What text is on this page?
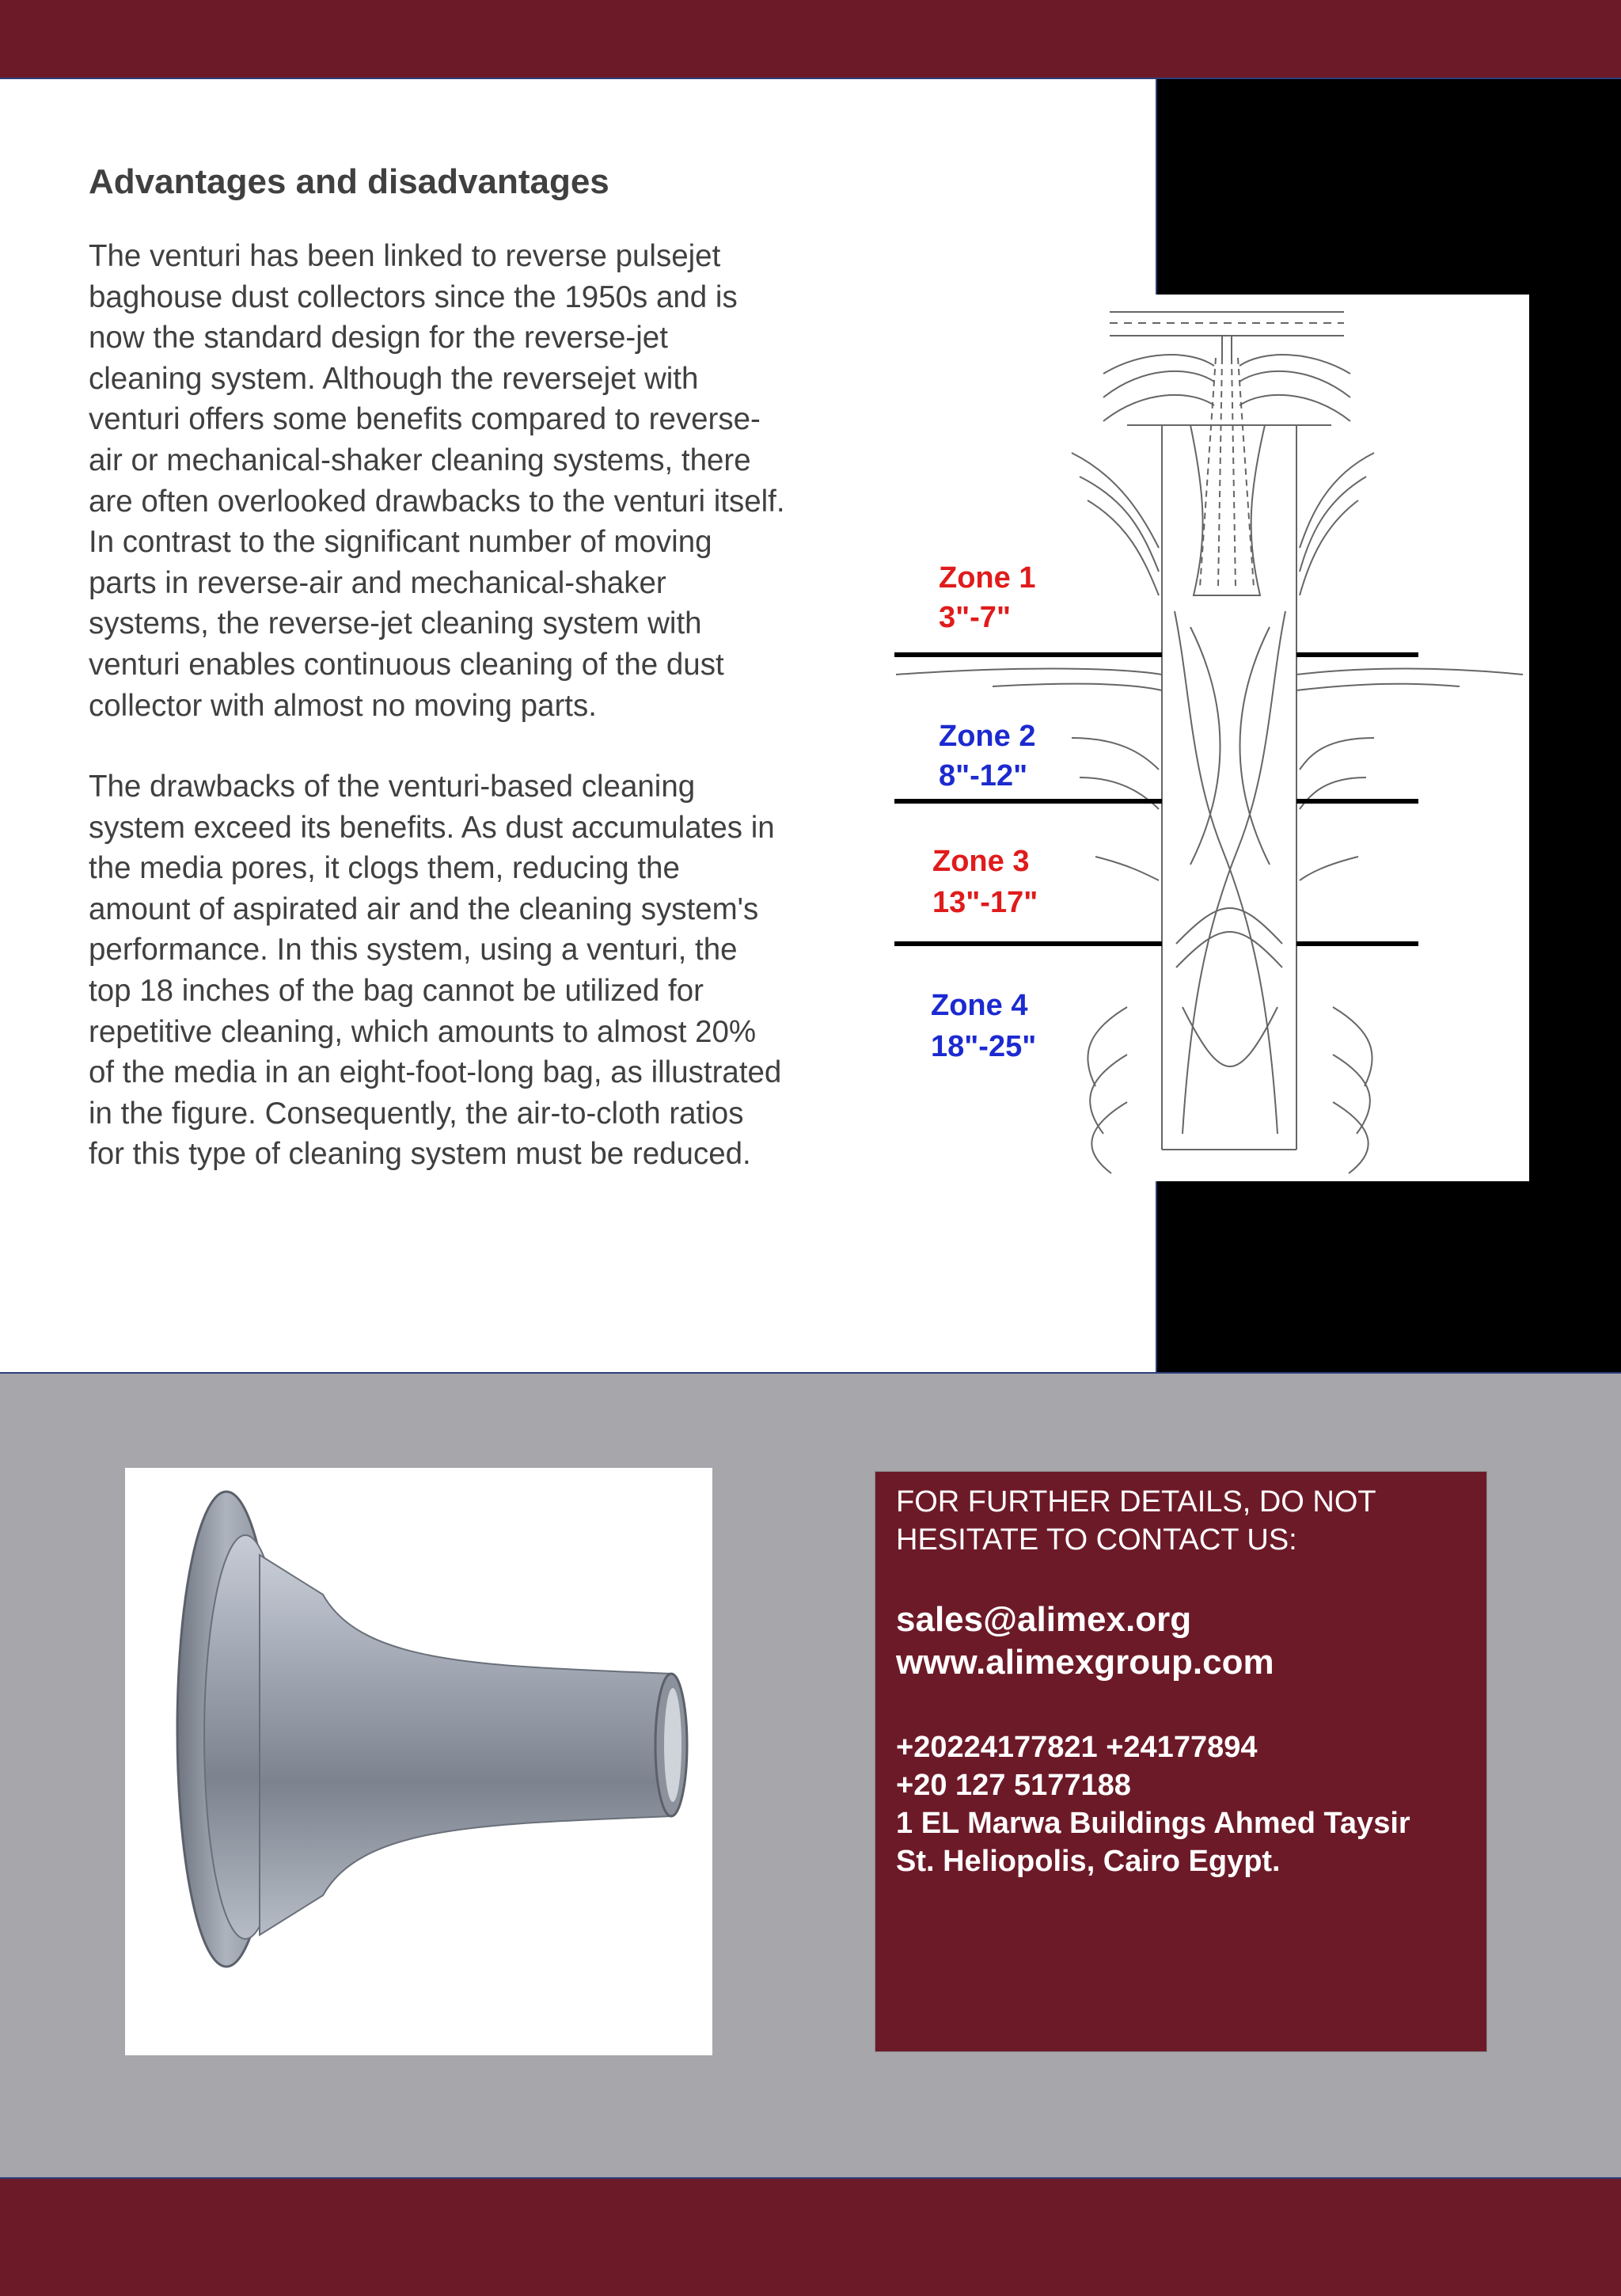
Advantages and disadvantages
The venturi has been linked to reverse pulsejet
baghouse dust collectors since the 1950s and is
now the standard design for the reverse-jet
cleaning system. Although the reversejet with
venturi offers some benefits compared to reverse-
air or mechanical-shaker cleaning systems, there
are often overlooked drawbacks to the venturi itself.
In contrast to the significant number of moving
parts in reverse-air and mechanical-shaker
systems, the reverse-jet cleaning system with
venturi enables continuous cleaning of the dust
collector with almost no moving parts.
The drawbacks of the venturi-based cleaning
system exceed its benefits. As dust accumulates in
the media pores, it clogs them, reducing the
amount of aspirated air and the cleaning system's
performance. In this system, using a venturi, the
top 18 inches of the bag cannot be utilized for
repetitive cleaning, which amounts to almost 20%
of the media in an eight-foot-long bag, as illustrated
in the figure. Consequently, the air-to-cloth ratios
for this type of cleaning system must be reduced.
Zone 1
3"-7"
Zone 2
8"-12"
Zone 3
13"-17"
Zone 4
18"-25"

FOR FURTHER DETAILS, DO NOT HESITATE TO CONTACT US:

sales@alimex.org

www.alimexgroup.com

+20224177821 +24177894

+20 127 5177188

1 EL Marwa Buildings Ahmed Taysir

St. Heliopolis, Cairo Egypt.
